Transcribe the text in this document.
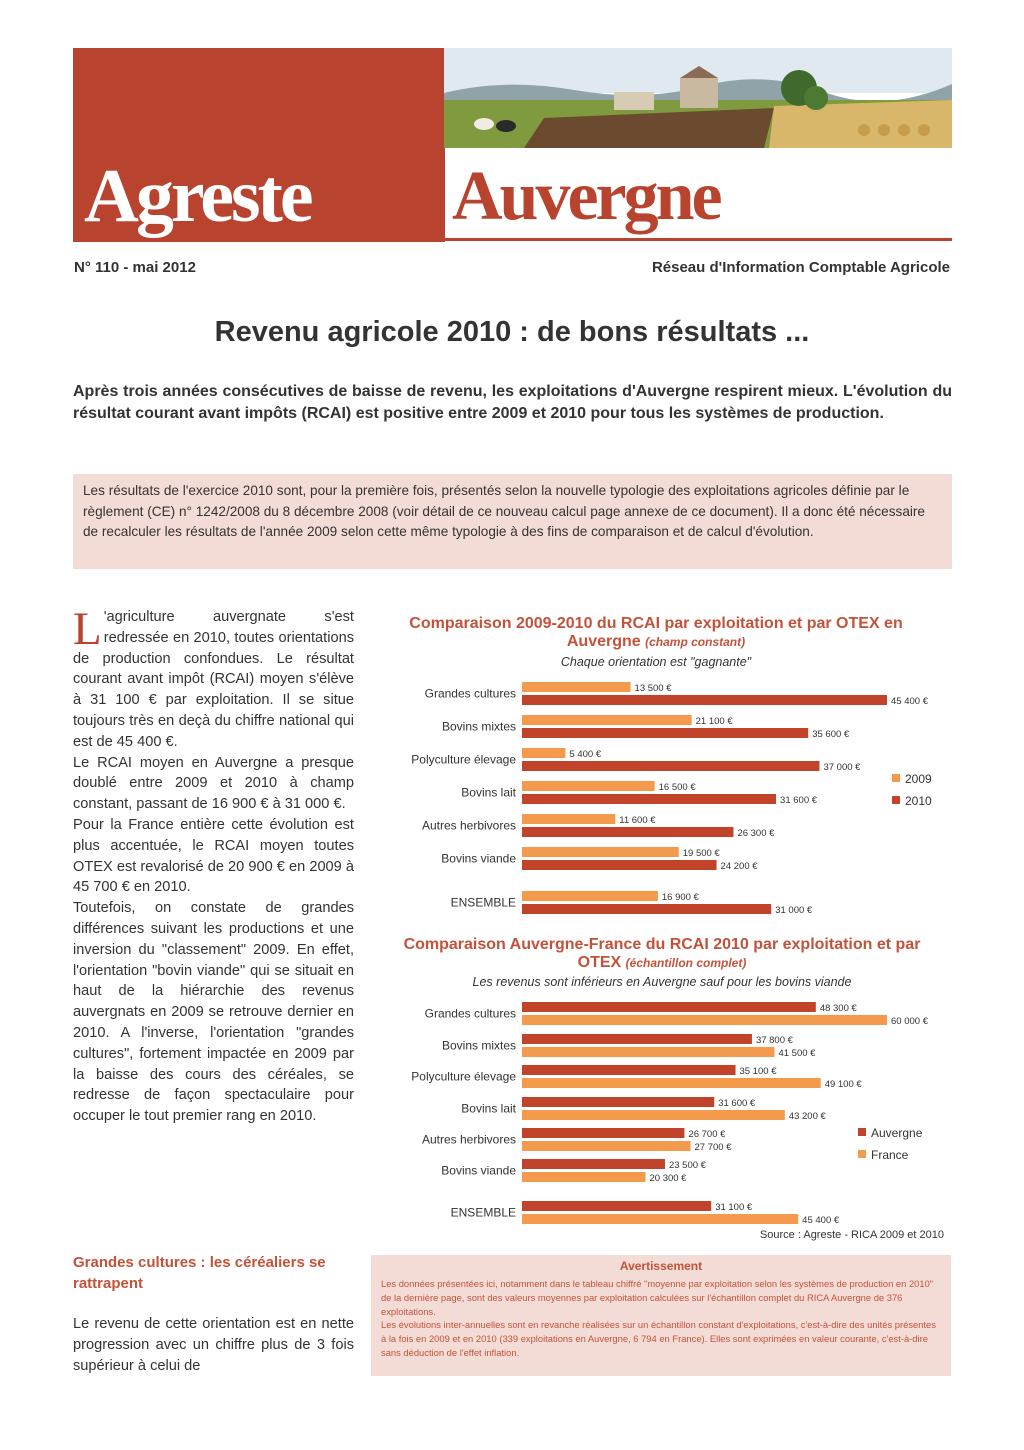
Agreste Auvergne
N° 110 - mai 2012	Réseau d'Information Comptable Agricole
Revenu agricole 2010 : de bons résultats ...
Après trois années consécutives de baisse de revenu, les exploitations d'Auvergne respirent mieux. L'évolution du résultat courant avant impôts (RCAI) est positive entre 2009 et 2010 pour tous les systèmes de production.
Les résultats de l'exercice 2010 sont, pour la première fois, présentés selon la nouvelle typologie des exploitations agricoles définie par le règlement (CE) n° 1242/2008 du 8 décembre 2008 (voir détail de ce nouveau calcul page annexe de ce document). Il a donc été nécessaire de recalculer les résultats de l'année 2009 selon cette même typologie à des fins de comparaison et de calcul d'évolution.

L 'agriculture auvergnate s'est redressée en 2010, toutes orientations de production confondues. Le résultat courant avant impôt (RCAI) moyen s'élève à 31 100 € par exploitation. Il se situe toujours très en deçà du chiffre national qui est de 45 400 €.

Le RCAI moyen en Auvergne a presque doublé entre 2009 et 2010 à champ constant, passant de 16 900 € à 31 000 €.

Pour la France entière cette évolution est plus accentuée, le RCAI moyen toutes OTEX est revalorisé de 20 900 € en 2009 à 45 700 € en 2010.

Toutefois, on constate de grandes différences suivant les productions et une inversion du "classement" 2009. En effet, l'orientation "bovin viande" qui se situait en haut de la hiérarchie des revenus auvergnats en 2009 se retrouve dernier en 2010. A l'inverse, l'orientation "grandes cultures", fortement impactée en 2009 par la baisse des cours des céréales, se redresse de façon spectaculaire pour occuper le tout premier rang en 2010.

Grandes cultures : les céréaliers se rattrapent
Le revenu de cette orientation est en nette progression avec un chiffre plus de 3 fois supérieur à celui de
Comparaison 2009-2010 du RCAI par exploitation et par OTEX en Auvergne (champ constant)
Chaque orientation est "gagnante"
Grandes cultures	13 500 €
45 400 €
Bovins mixtes	21 100 €
35 600 €
Polyculture élevage	5 400 €
37 000 €
Bovins lait	16 500 €
31 600 €
Autres herbivores	11 600 €
26 300 €
Bovins viande	19 500 €
24 200 €
ENSEMBLE	16 900 €
31 000 €
2009
2010
Comparaison Auvergne-France du RCAI 2010 par exploitation et par OTEX (échantillon complet)
Les revenus sont inférieurs en Auvergne sauf pour les bovins viande
Grandes cultures	48 300 €
60 000 €
Bovins mixtes	37 800 €
41 500 €
Polyculture élevage	35 100 €
49 100 €
Bovins lait	31 600 €
43 200 €
Autres herbivores	26 700 €
27 700 €
Bovins viande	23 500 €
20 300 €
ENSEMBLE	31 100 €
45 400 €
Auvergne
France
Source : Agreste - RICA 2009 et 2010
Avertissement
Les données présentées ici, notamment dans le tableau chiffré "moyenne par exploitation selon les systèmes de production en 2010" de la dernière page, sont des valeurs moyennes par exploitation calculées sur l'échantillon complet du RICA Auvergne de 376 exploitations.
Les évolutions inter-annuelles sont en revanche réalisées sur un échantillon constant d'exploitations, c'est-à-dire des unités présentes à la fois en 2009 et en 2010 (339 exploitations en Auvergne, 6 794 en France). Elles sont exprimées en valeur courante, c'est-à-dire sans déduction de l'effet inflation.
